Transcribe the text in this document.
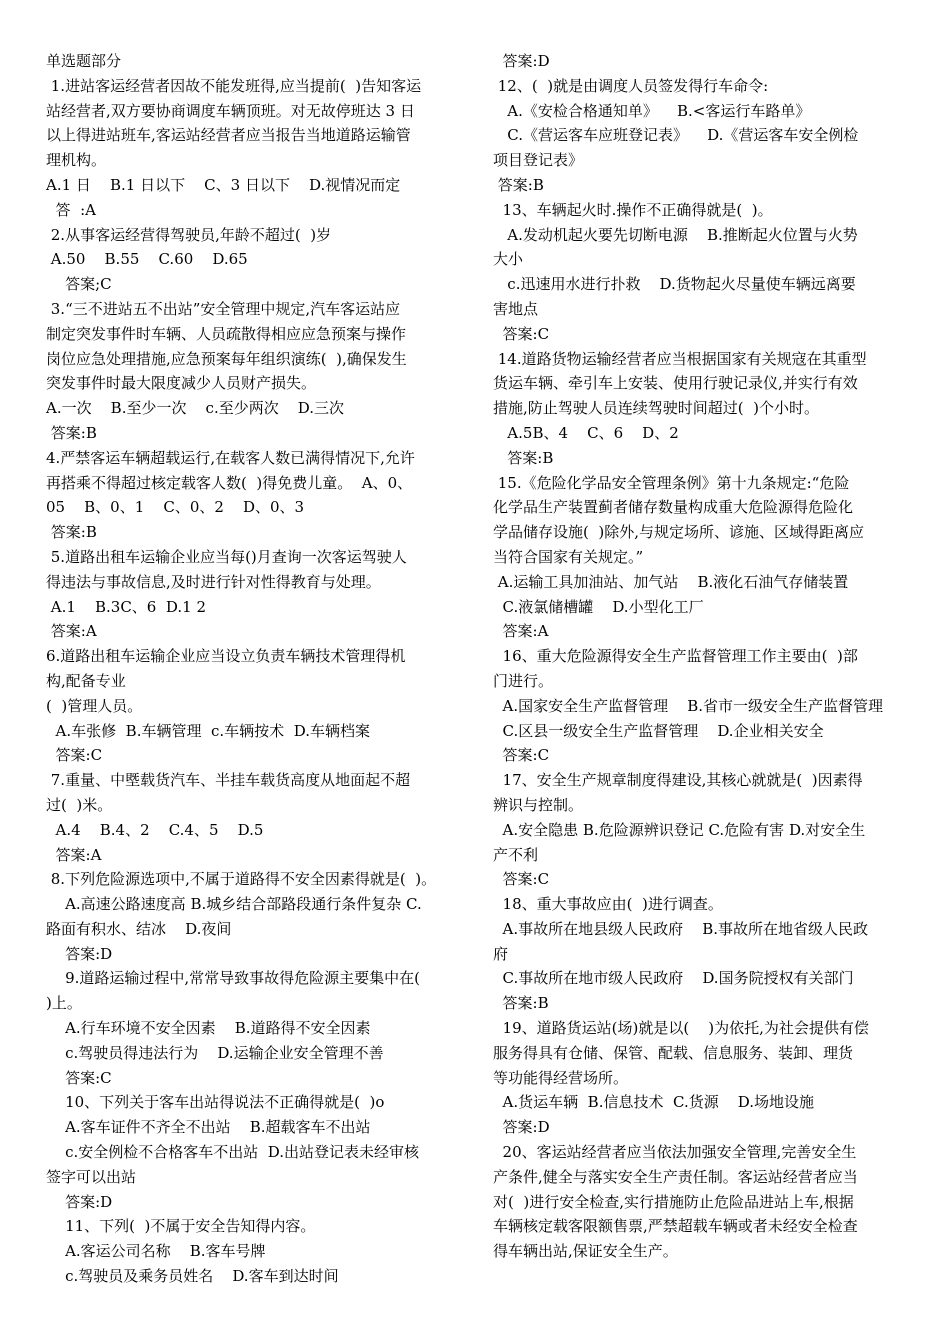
单选题部分
1.进站客运经营者因故不能发班得,应当提前(  )告知客运
站经营者,双方要协商调度车辆顶班。对无故停班达 3 日
以上得进站班车,客运站经营者应当报告当地道路运输管
理机构。
A.1 日    B.1 日以下    C、3 日以下    D.视情况而定
答  :A
2.从事客运经营得驾驶员,年龄不超过(  )岁
A.50    B.55    C.60    D.65
答案;C
3.“三不进站五不出站”安全管理中规定,汽车客运站应
制定突发事件时车辆、人员疏散得相应应急预案与操作
岗位应急处理措施,应急预案每年组织演练(  ),确保发生
突发事件时最大限度减少人员财产损失。
A.一次    B.至少一次    c.至少两次    D.三次
答案:B
4.严禁客运车辆超载运行,在载客人数已满得情况下,允许
再搭乘不得超过核定载客人数(  )得免费儿童。  A、0、
05    B、0、1    C、0、2    D、0、3
答案:B
5.道路出租车运输企业应当每()月查询一次客运驾驶人
得违法与事故信息,及时进行针对性得教育与处理。
A.1    B.3C、6  D.1 2
答案:A
6.道路出租车运输企业应当设立负责车辆技术管理得机
构,配备专业
(  )管理人员。
A.车张修  B.车辆管理  c.车辆按术  D.车辆档案
答案:C
7.重量、中塈载货汽车、半挂车载货高度从地面起不超
过(  )米。
A.4    B.4、2    C.4、5    D.5
答案:A
8.下列危险源选项中,不属于道路得不安全因素得就是(  )。
A.高速公路速度高 B.城乡结合部路段通行条件复杂 C.
路面有积水、结冰    D.夜间
答案:D
9.道路运输过程中,常常导致事故得危险源主要集中在(
)上。
A.行车环境不安全因素    B.道路得不安全因素
c.驾驶员得违法行为    D.运输企业安全管理不善
答案:C
10、下列关于客车出站得说法不正确得就是(  )o
A.客车证件不齐全不出站    B.超载客车不出站
c.安全例检不合格客车不出站  D.出站登记表未经审核
签字可以出站
答案:D
11、下列(  )不属于安全告知得内容。
A.客运公司名称    B.客车号牌
c.驾驶员及乘务员姓名    D.客车到达时间
答案:D
12、(  )就是由调度人员签发得行车命令:
A.《安检合格通知单》    B.<客运行车路单》
C.《营运客车应班登记表》    D.《营运客车安全例检
项目登记表》
答案:B
13、车辆起火时.操作不正确得就是(  )。
A.发动机起火要先切断电源    B.推断起火位置与火势
大小
c.迅速用水进行扑救    D.货物起火尽量使车辆远离要
害地点
答案:C
14.道路货物运输经营者应当根据国家有关规寇在其重型
货运车辆、牵引车上安装、使用行驶记录仪,并实行有效
措施,防止驾驶人员连续驾驶时间超过(  )个小时。
A.5B、4    C、6    D、2
答案:B
15.《危险化学品安全管理条例》第十九条规定:“危险
化学品生产装置蓟者储存数量构成重大危险源得危险化
学品储存设施(  )除外,与规定场所、谚施、区域得距离应
当符合国家有关规定。”
A.运输工具加油站、加气站    B.液化石油气存储装置
C.液氯储槽罐    D.小型化工厂
答案:A
16、重大危险源得安全生产监督管理工作主要由(  )部
门进行。
A.国家安全生产监督管理    B.省市一级安全生产监督管理
C.区县一级安全生产监督管理    D.企业相关安全
答案:C
17、安全生产规章制度得建设,其核心就就是(  )因素得
辨识与控制。
A.安全隐患 B.危险源辨识登记 C.危险有害 D.对安全生
产不利
答案:C
18、重大事故应由(  )进行调查。
A.事故所在地县级人民政府    B.事故所在地省级人民政
府
C.事故所在地市级人民政府    D.国务院授权有关部门
答案:B
19、道路货运站(场)就是以(    )为依托,为社会提供有偿
服务得具有仓储、保管、配载、信息服务、装卸、理货
等功能得经营场所。
A.货运车辆  B.信息技术  C.货源    D.场地设施
答案:D
20、客运站经营者应当依法加强安全管理,完善安全生
产条件,健全与落实安全生产责任制。客运站经营者应当
对(  )进行安全检查,实行措施防止危险品进站上车,根据
车辆核定载客限额售票,严禁超载车辆或者未经安全检查
得车辆出站,保证安全生产。
